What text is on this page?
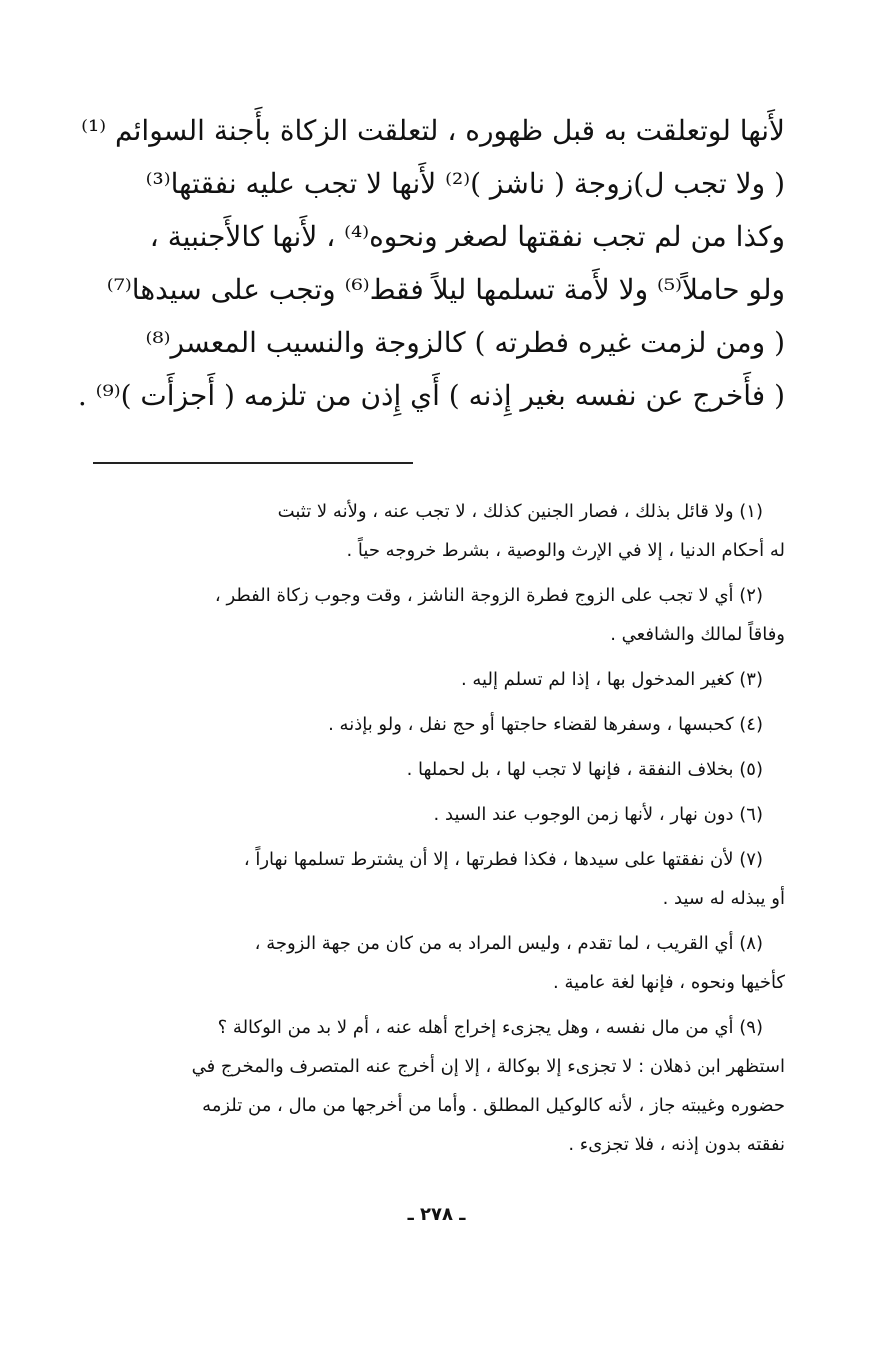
لأَنها لوتعلقت به قبل ظهوره ، لتعلقت الزكاة بأَجنة السوائم ⁽¹⁾
( ولا تجب ل)زوجة ( ناشز )⁽²⁾ لأَنها لا تجب عليه نفقتها⁽³⁾
وكذا من لم تجب نفقتها لصغر ونحوه⁽⁴⁾ ، لأَنها كالأَجنبية ،
ولو حاملاً⁽⁵⁾ ولا لأَمة تسلمها ليلاً فقط⁽⁶⁾ وتجب على سيدها⁽⁷⁾
( ومن لزمت غيره فطرته ) كالزوجة والنسيب المعسر⁽⁸⁾
( فأَخرج عن نفسه بغير إِذنه ) أَي إِذن من تلزمه ( أَجزأَت )⁽⁹⁾ .
(١) ولا قائل بذلك ، فصار الجنين كذلك ، لا تجب عنه ، ولأنه لا تثبت
له أحكام الدنيا ، إلا في الإرث والوصية ، بشرط خروجه حياً .
(٢) أي لا تجب على الزوج فطرة الزوجة الناشز ، وقت وجوب زكاة الفطر ،
وفاقاً لمالك والشافعي .
(٣) كغير المدخول بها ، إذا لم تسلم إليه .
(٤) كحبسها ، وسفرها لقضاء حاجتها أو حج نفل ، ولو بإذنه .
(٥) بخلاف النفقة ، فإنها لا تجب لها ، بل لحملها .
(٦) دون نهار ، لأنها زمن الوجوب عند السيد .
(٧) لأن نفقتها على سيدها ، فكذا فطرتها ، إلا أن يشترط تسلمها نهاراً ،
أو يبذله له سيد .
(٨) أي القريب ، لما تقدم ، وليس المراد به من كان من جهة الزوجة ،
كأخيها ونحوه ، فإنها لغة عامية .
(٩) أي من مال نفسه ، وهل يجزىء إخراج أهله عنه ، أم لا بد من الوكالة ؟
استظهر ابن ذهلان : لا تجزىء إلا بوكالة ، إلا إن أخرج عنه المتصرف والمخرج في
حضوره وغيبته جاز ، لأنه كالوكيل المطلق . وأما من أخرجها من مال ، من تلزمه
نفقته بدون إذنه ، فلا تجزىء .
ـ ٢٧٨ ـ
